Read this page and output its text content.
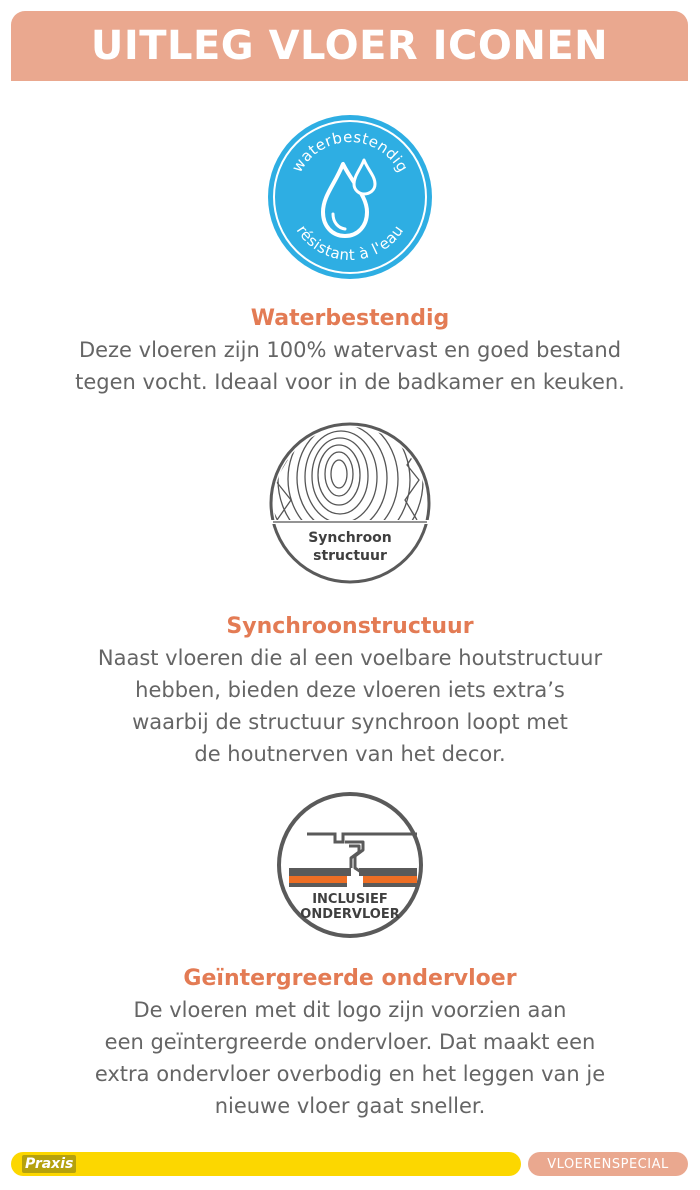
UITLEG VLOER ICONEN
waterbestendig
résistant à l'eau
Waterbestendig
Deze vloeren zijn 100% watervast en goed bestand
tegen vocht. Ideaal voor in de badkamer en keuken.
Synchroon
structuur
Synchroonstructuur
Naast vloeren die al een voelbare houtstructuur
hebben, bieden deze vloeren iets extra’s
waarbij de structuur synchroon loopt met
de houtnerven van het decor.
INCLUSIEF
ONDERVLOER
Geïntergreerde ondervloer
De vloeren met dit logo zijn voorzien aan
een geïntergreerde ondervloer. Dat maakt een
extra ondervloer overbodig en het leggen van je
nieuwe vloer gaat sneller.
Praxis	VLOERENSPECIAL
